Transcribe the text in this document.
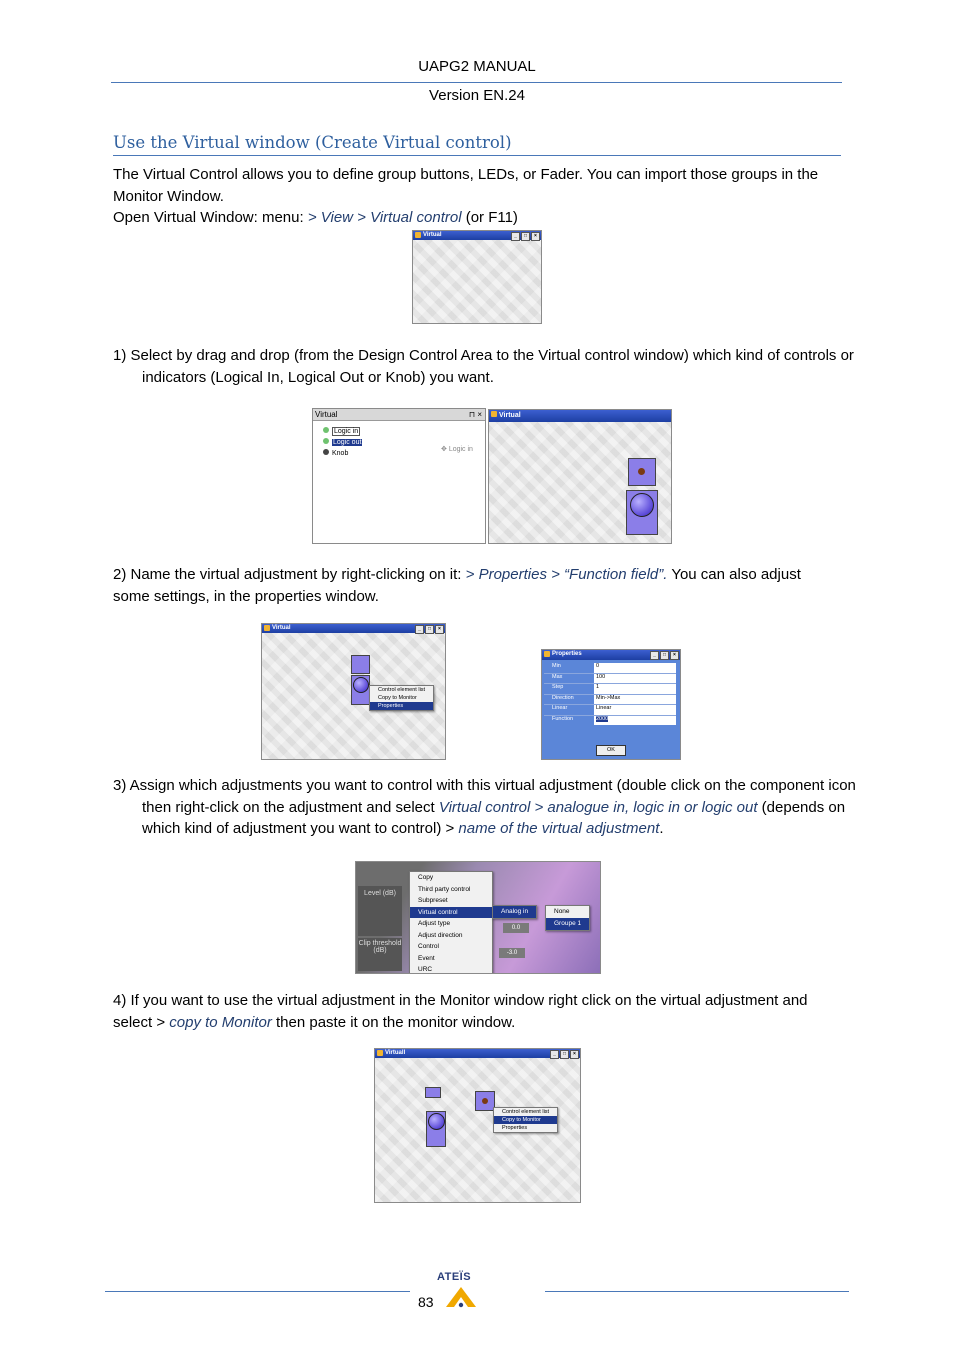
UAPG2 MANUAL
Version EN.24
Use the Virtual window (Create Virtual control)
The Virtual Control allows you to define group buttons, LEDs, or Fader. You can import those groups in the Monitor Window.
Open Virtual Window: menu: > View > Virtual control (or F11)
Virtual	_ □ ×
1) Select by drag and drop (from the Design Control Area to the Virtual control window) which kind of controls or indicators (Logical In, Logical Out or Knob) you want.
Virtual	⊓ ×
Logic in
Logic out
Knob
✥ Logic in
Virtual
2) Name the virtual adjustment by right-clicking on it: > Properties > “Function field”. You can also adjust some settings, in the properties window.
Virtual	_ □ ×
Control element list
Copy to Monitor
Properties
Properties	_ □ ×
Min	0
Max	100
Step	1
Direction	Min->Max
Linear	Linear
Function	2000
OK
3) Assign which adjustments you want to control with this virtual adjustment (double click on the component icon then right-click on the adjustment and select Virtual control > analogue in, logic in or logic out (depends on which kind of adjustment you want to control) > name of the virtual adjustment.
Level (dB)
Clip threshold (dB)
Copy
Third party control
Subpreset
Virtual control
Adjust type
Adjust direction
Control
Event
URC
Analog in	None
Groupe 1
0.0
-3.0
4) If you want to use the virtual adjustment in the Monitor window right click on the virtual adjustment and select > copy to Monitor then paste it on the monitor window.
Virtuall	_ □ ×
Control element list
Copy to Monitor
Properties
ATEÏS
83
